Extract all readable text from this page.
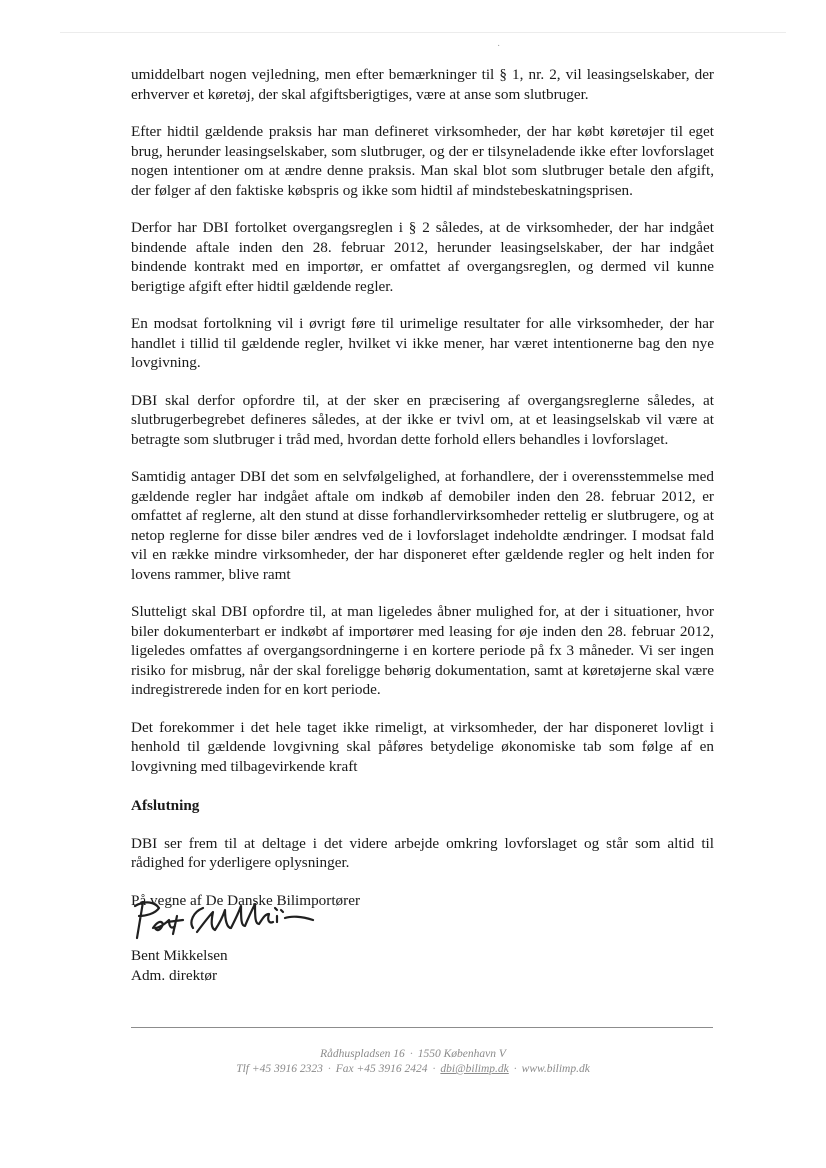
·

umiddelbart nogen vejledning, men efter bemærkninger til § 1, nr. 2, vil leasingselskaber, der erhverver et køretøj, der skal afgiftsberigtiges, være at anse som slutbruger.

Efter hidtil gældende praksis har man defineret virksomheder, der har købt køretøjer til eget brug, herunder leasingselskaber, som slutbruger, og der er tilsyneladende ikke efter lovforslaget nogen intentioner om at ændre denne praksis. Man skal blot som slutbruger betale den afgift, der følger af den faktiske købspris og ikke som hidtil af mindstebeskatningsprisen.

Derfor har DBI fortolket overgangsreglen i § 2 således, at de virksomheder, der har indgået bindende aftale inden den 28. februar 2012, herunder leasingselskaber, der har indgået bindende kontrakt med en importør, er omfattet af overgangsreglen, og dermed vil kunne berigtige afgift efter hidtil gældende regler.

En modsat fortolkning vil i øvrigt føre til urimelige resultater for alle virksomheder, der har handlet i tillid til gældende regler, hvilket vi ikke mener, har været intentionerne bag den nye lovgivning.

DBI skal derfor opfordre til, at der sker en præcisering af overgangsreglerne således, at slutbrugerbegrebet defineres således, at der ikke er tvivl om, at et leasingselskab vil være at betragte som slutbruger i tråd med, hvordan dette forhold ellers behandles i lovforslaget.

Samtidig antager DBI det som en selvfølgelighed, at forhandlere, der i overensstemmelse med gældende regler har indgået aftale om indkøb af demobiler inden den 28. februar 2012, er omfattet af reglerne, alt den stund at disse forhandlervirksomheder rettelig er slutbrugere, og at netop reglerne for disse biler ændres ved de i lovforslaget indeholdte ændringer. I modsat fald vil en række mindre virksomheder, der har disponeret efter gældende regler og helt inden for lovens rammer, blive ramt

Slutteligt skal DBI opfordre til, at man ligeledes åbner mulighed for, at der i situationer, hvor biler dokumenterbart er indkøbt af importører med leasing for øje inden den 28. februar 2012, ligeledes omfattes af overgangsordningerne i en kortere periode på fx 3 måneder. Vi ser ingen risiko for misbrug, når der skal foreligge behørig dokumentation, samt at køretøjerne skal være indregistrerede inden for en kort periode.

Det forekommer i det hele taget ikke rimeligt, at virksomheder, der har disponeret lovligt i henhold til gældende lovgivning skal påføres betydelige økonomiske tab som følge af en lovgivning med tilbagevirkende kraft

Afslutning

DBI ser frem til at deltage i det videre arbejde omkring lovforslaget og står som altid til rådighed for yderligere oplysninger.

På vegne af De Danske Bilimportører

Bent Mikkelsen
Adm. direktør
Rådhuspladsen 16 · 1550 København V
Tlf +45 3916 2323 · Fax +45 3916 2424 · dbi@bilimp.dk · www.bilimp.dk
